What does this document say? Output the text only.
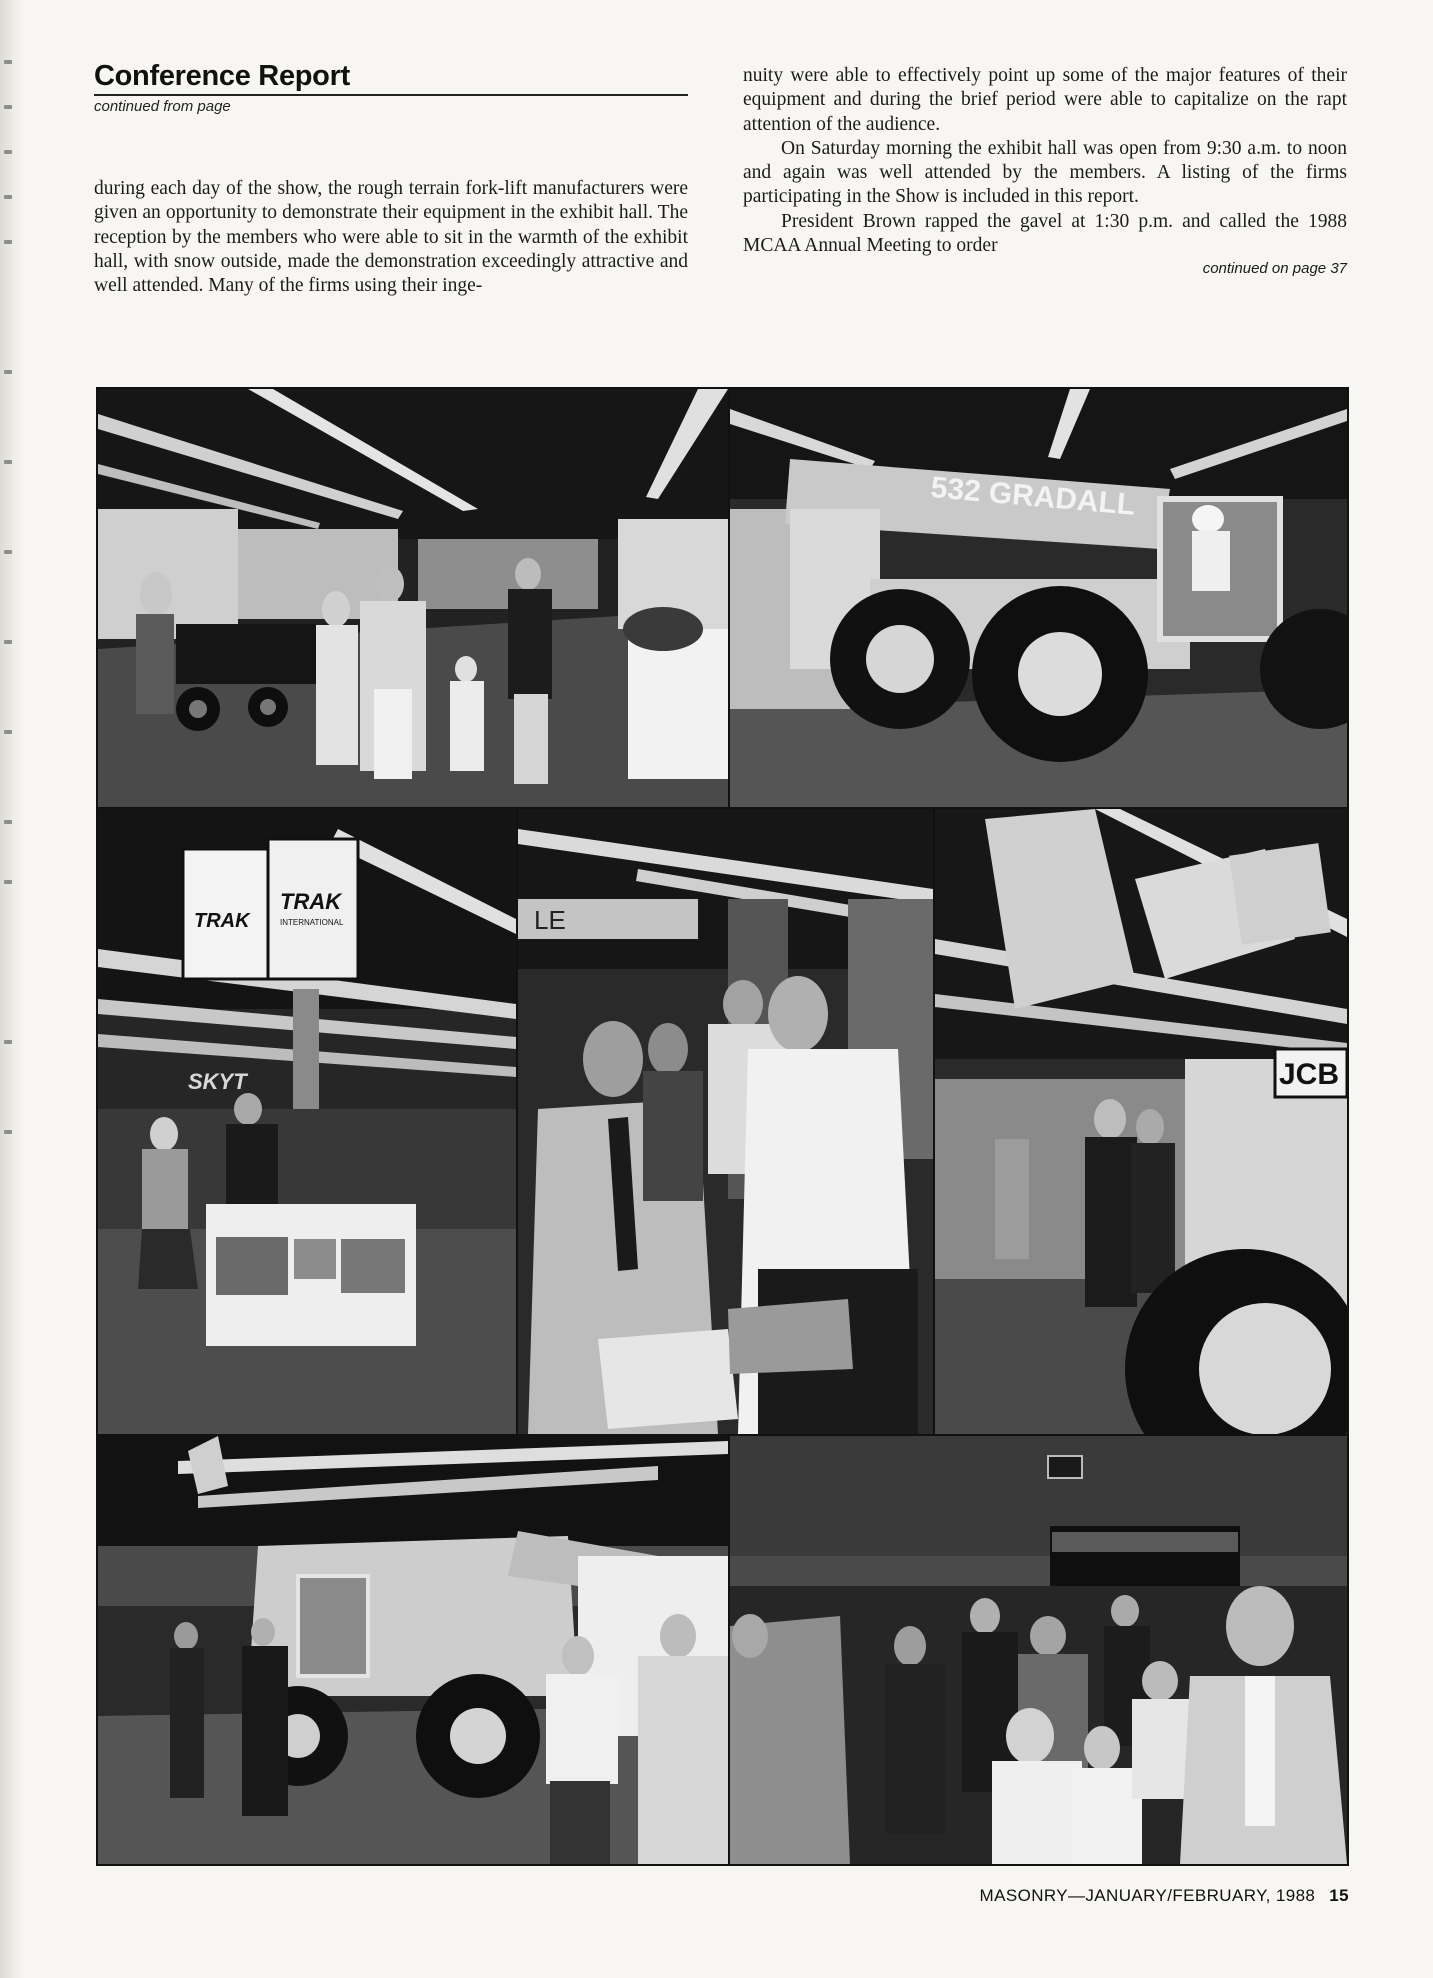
Conference Report
continued from page

during each day of the show, the rough terrain fork-lift manufacturers were given an opportunity to demonstrate their equipment in the exhibit hall. The reception by the members who were able to sit in the warmth of the exhibit hall, with snow outside, made the demonstration exceedingly attractive and well attended. Many of the firms using their inge-

nuity were able to effectively point up some of the major features of their equipment and during the brief period were able to capitalize on the rapt attention of the audience.

On Saturday morning the exhibit hall was open from 9:30 a.m. to noon and again was well attended by the members. A listing of the firms participating in the Show is included in this report.

President Brown rapped the gavel at 1:30 p.m. and called the 1988 MCAA Annual Meeting to order

continued on page 37
532 GRADALL
TRAK
TRAK
INTERNATIONAL
SKYT
LE
JCB
MASONRY—JANUARY/FEBRUARY, 1988 15
